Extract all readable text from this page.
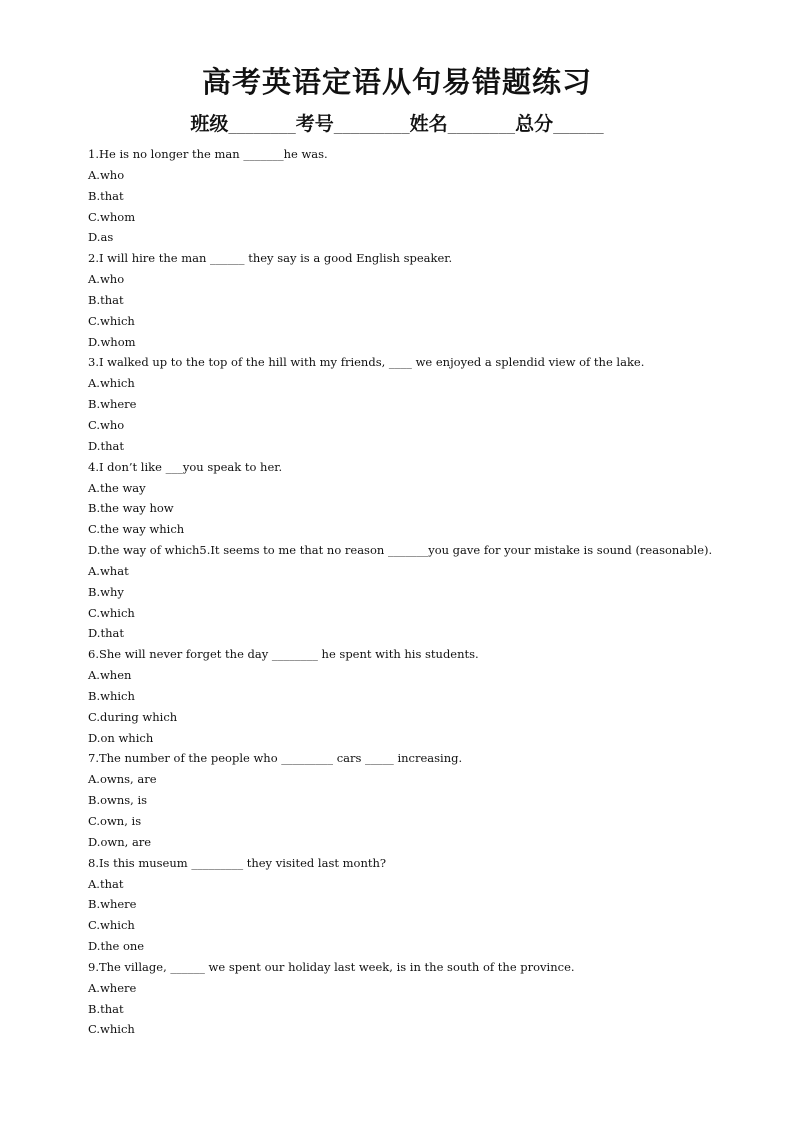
高考英语定语从句易错题练习
班级________考号_________姓名________总分______
1.He is no longer the man _______he was.
A.who
B.that
C.whom
D.as
2.I will hire the man ______ they say is a good English speaker.
A.who
B.that
C.which
D.whom
3.I walked up to the top of the hill with my friends, ____ we enjoyed a splendid view of the lake.
A.which
B.where
C.who
D.that
4.I don’t like ___you speak to her.
A.the way
B.the way how
C.the way which
D.the way of which5.It seems to me that no reason _______you gave for your mistake is sound (reasonable).
A.what
B.why
C.which
D.that
6.She will never forget the day ________ he spent with his students.
A.when
B.which
C.during which
D.on which
7.The number of the people who _________ cars _____ increasing.
A.owns, are
B.owns, is
C.own, is
D.own, are
8.Is this museum _________ they visited last month?
A.that
B.where
C.which
D.the one
9.The village, ______ we spent our holiday last week, is in the south of the province.
A.where
B.that
C.which
